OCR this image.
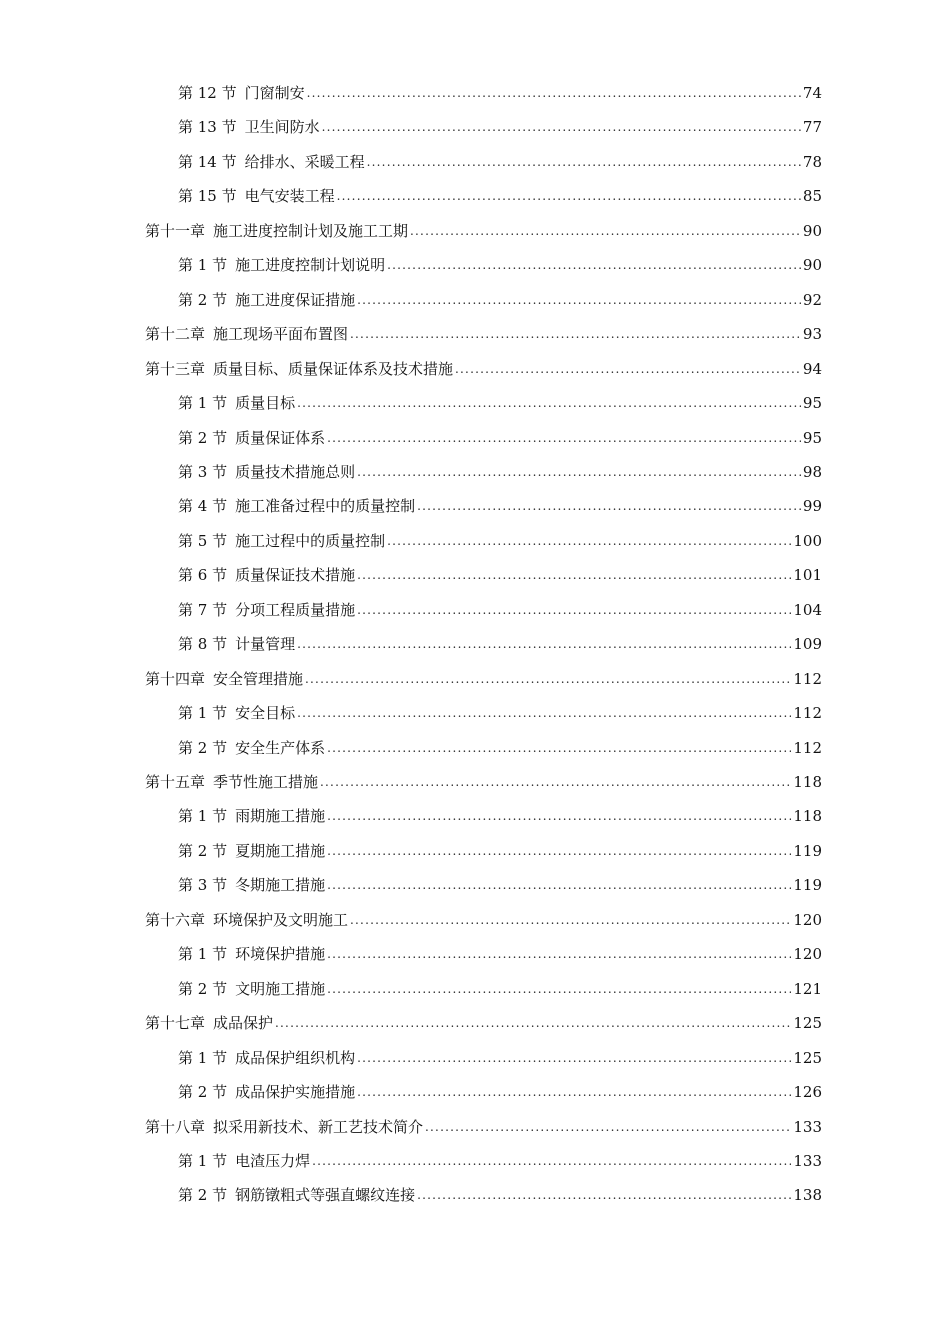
第 12 节 门窗制安 .....	74
第 13 节 卫生间防水 .....	77
第 14 节 给排水、采暖工程 .....	78
第 15 节 电气安装工程 .....	85
第十一章 施工进度控制计划及施工工期 .....	90
第 1 节 施工进度控制计划说明 .....	90
第 2 节 施工进度保证措施 .....	92
第十二章 施工现场平面布置图 .....	93
第十三章 质量目标、质量保证体系及技术措施 .....	94
第 1 节 质量目标 .....	95
第 2 节 质量保证体系 .....	95
第 3 节 质量技术措施总则 .....	98
第 4 节 施工准备过程中的质量控制 .....	99
第 5 节 施工过程中的质量控制 .....	100
第 6 节 质量保证技术措施 .....	101
第 7 节 分项工程质量措施 .....	104
第 8 节 计量管理 .....	109
第十四章 安全管理措施 .....	112
第 1 节 安全目标 .....	112
第 2 节 安全生产体系 .....	112
第十五章 季节性施工措施 .....	118
第 1 节 雨期施工措施 .....	118
第 2 节 夏期施工措施 .....	119
第 3 节 冬期施工措施 .....	119
第十六章 环境保护及文明施工 .....	120
第 1 节 环境保护措施 .....	120
第 2 节 文明施工措施 .....	121
第十七章 成品保护 .....	125
第 1 节 成品保护组织机构 .....	125
第 2 节 成品保护实施措施 .....	126
第十八章 拟采用新技术、新工艺技术简介 .....	133
第 1 节 电渣压力焊 .....	133
第 2 节 钢筋镦粗式等强直螺纹连接 .....	138
